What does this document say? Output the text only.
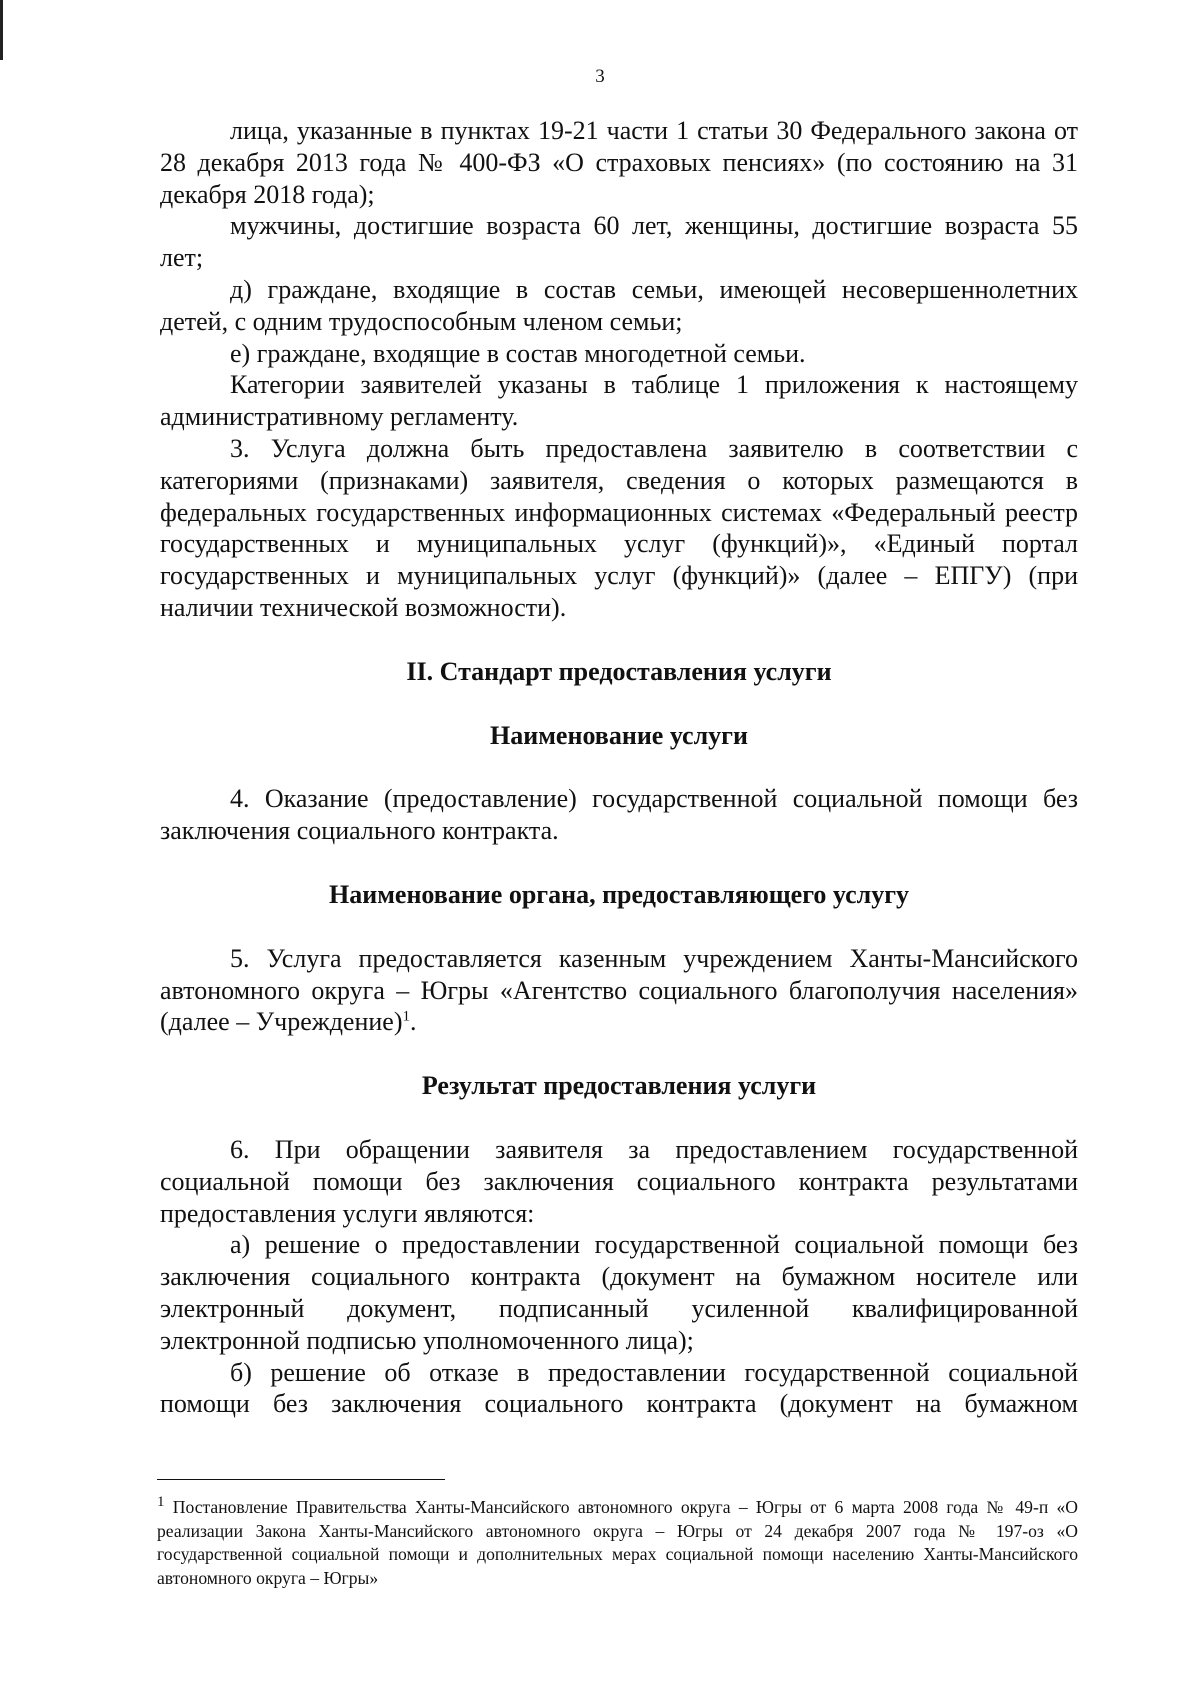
3

лица, указанные в пунктах 19-21 части 1 статьи 30 Федерального закона от 28 декабря 2013 года № 400-ФЗ «О страховых пенсиях» (по состоянию на 31 декабря 2018 года);

мужчины, достигшие возраста 60 лет, женщины, достигшие возраста 55 лет;

д) граждане, входящие в состав семьи, имеющей несовершеннолетних детей, с одним трудоспособным членом семьи;

е) граждане, входящие в состав многодетной семьи.

Категории заявителей указаны в таблице 1 приложения к настоящему административному регламенту.

3. Услуга должна быть предоставлена заявителю в соответствии с категориями (признаками) заявителя, сведения о которых размещаются в федеральных государственных информационных системах «Федеральный реестр государственных и муниципальных услуг (функций)», «Единый портал государственных и муниципальных услуг (функций)» (далее – ЕПГУ) (при наличии технической возможности).

II. Стандарт предоставления услуги
Наименование услуги

4. Оказание (предоставление) государственной социальной помощи без заключения социального контракта.

Наименование органа, предоставляющего услугу

5. Услуга предоставляется казенным учреждением Ханты-Мансийского автономного округа – Югры «Агентство социального благополучия населения» (далее – Учреждение)$^1$.

Результат предоставления услуги

6. При обращении заявителя за предоставлением государственной социальной помощи без заключения социального контракта результатами предоставления услуги являются:

а) решение о предоставлении государственной социальной помощи без заключения социального контракта (документ на бумажном носителе или электронный документ, подписанный усиленной квалифицированной электронной подписью уполномоченного лица);

б) решение об отказе в предоставлении государственной социальной помощи без заключения социального контракта (документ на бумажном

$^1$ Постановление Правительства Ханты-Мансийского автономного округа – Югры от 6 марта 2008 года № 49-п «О реализации Закона Ханты-Мансийского автономного округа – Югры от 24 декабря 2007 года № 197-оз «О государственной социальной помощи и дополнительных мерах социальной помощи населению Ханты-Мансийского автономного округа – Югры»
